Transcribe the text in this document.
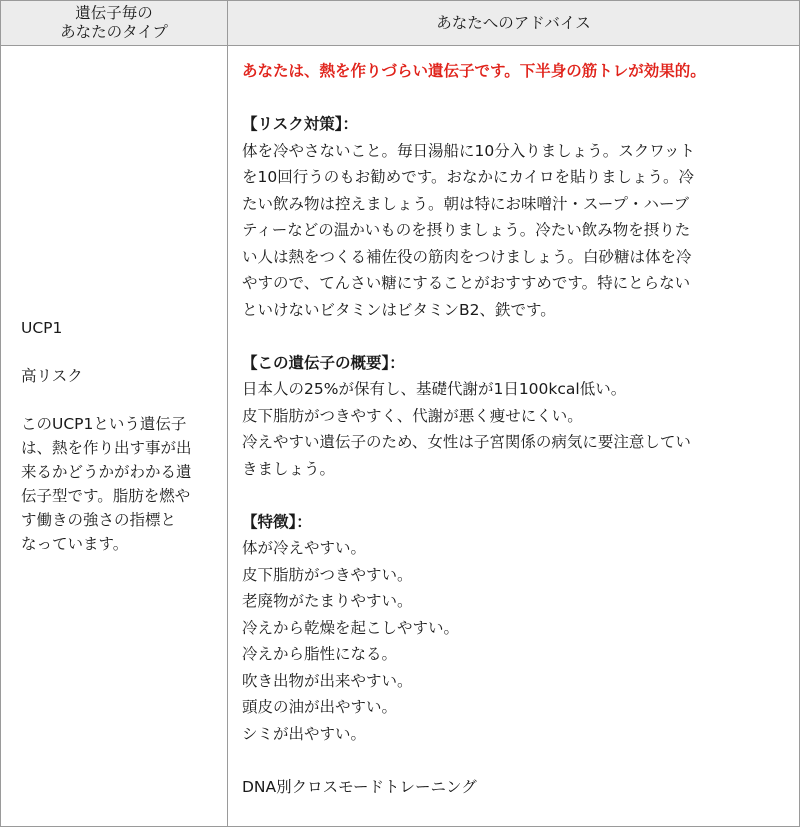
遺伝子毎の
あなたのタイプ
あなたへのアドバイス

UCP1

高リスク

このUCP1という遺伝子

は、熱を作り出す事が出

来るかどうかがわかる遺

伝子型です。脂肪を燃や

す働きの強さの指標と

なっています。

あなたは、熱を作りづらい遺伝子です。下半身の筋トレが効果的。

【リスク対策】：

体を冷やさないこと。毎日湯船に10分入りましょう。スクワット

を10回行うのもお勧めです。おなかにカイロを貼りましょう。冷

たい飲み物は控えましょう。朝は特にお味噌汁・スープ・ハーブ

ティーなどの温かいものを摂りましょう。冷たい飲み物を摂りた

い人は熱をつくる補佐役の筋肉をつけましょう。白砂糖は体を冷

やすので、てんさい糖にすることがおすすめです。特にとらない

といけないビタミンはビタミンB2、鉄です。

【この遺伝子の概要】：

日本人の25%が保有し、基礎代謝が1日100kcal低い。

皮下脂肪がつきやすく、代謝が悪く痩せにくい。

冷えやすい遺伝子のため、女性は子宮関係の病気に要注意してい

きましょう。

【特徴】：

体が冷えやすい。

皮下脂肪がつきやすい。

老廃物がたまりやすい。

冷えから乾燥を起こしやすい。

冷えから脂性になる。

吹き出物が出来やすい。

頭皮の油が出やすい。

シミが出やすい。

DNA別クロスモードトレーニング
